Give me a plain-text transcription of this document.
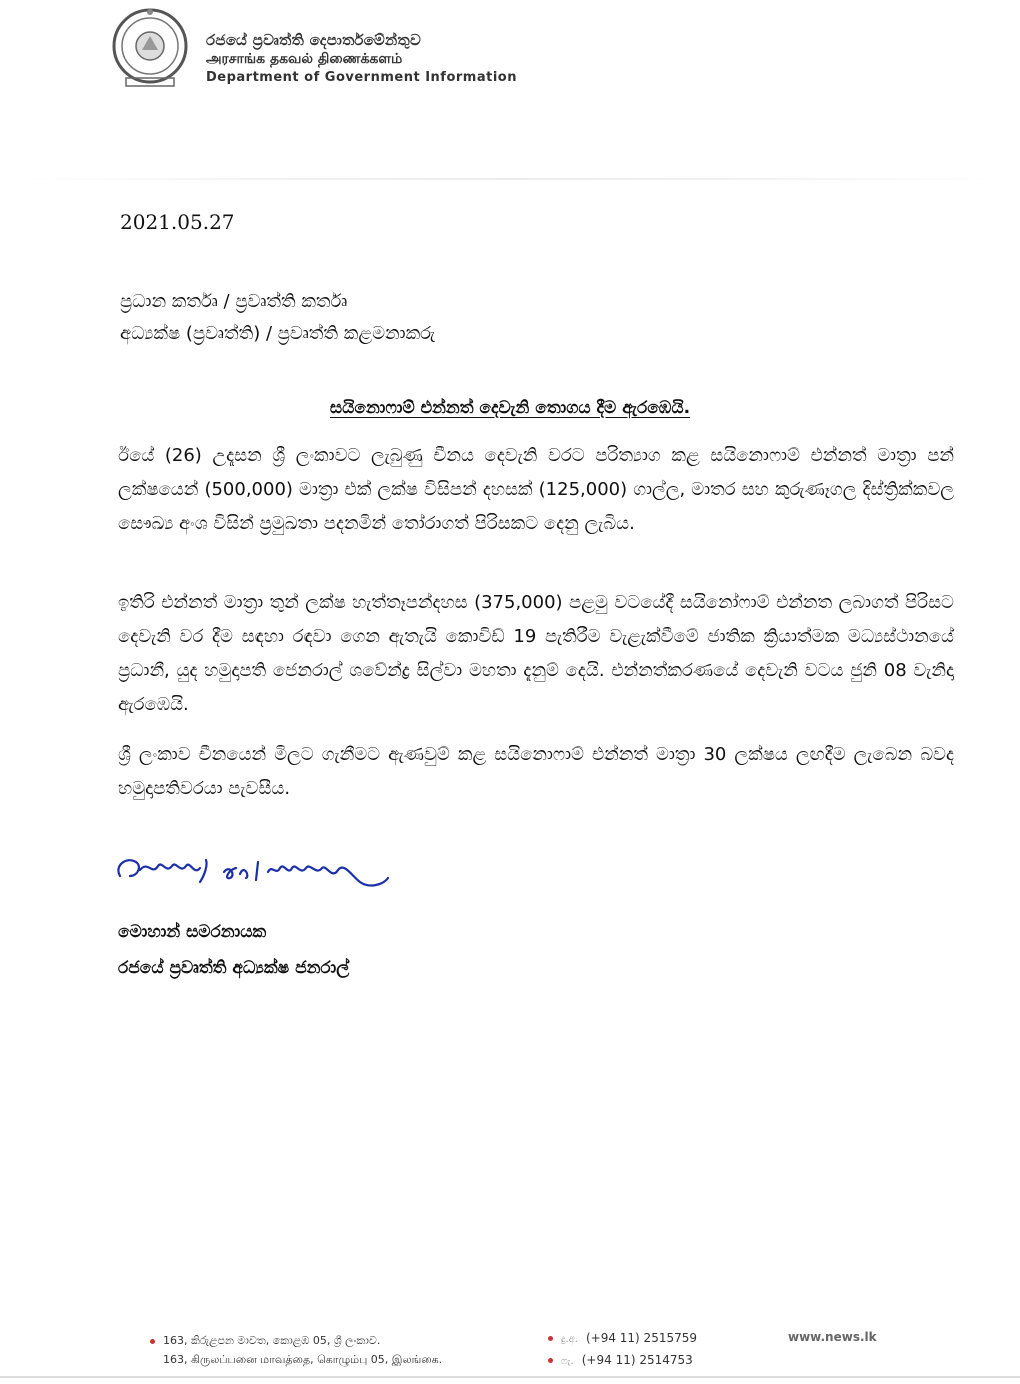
රජයේ ප්‍රවෘත්ති දෙපාර්තමේන්තුව
அரசாங்க தகவல் திணைக்களம்
Department of Government Information
2021.05.27
ප්‍රධාන කර්තෘ / ප්‍රවෘත්ති කර්තෘ
අධ්‍යක්ෂ (ප්‍රවෘත්ති) / ප්‍රවෘත්ති කළමනාකරු
සයිනොෆාම් එන්නත් දෙවැනි තොගය දීම ඇරඹෙයි.
ඊයේ (26) උදෑසන ශ්‍රී ලංකාවට ලැබුණු චීනය දෙවැනි වරට පරිත්‍යාග කළ සයිනොෆාම් එන්නත් මාත්‍රා පන් ලක්ෂයෙන් (500,000) මාත්‍රා එක් ලක්ෂ විසිපන් දහසක් (125,000) ගාල්ල, මාතර සහ කුරුණෑගල දිස්ත්‍රික්කවල සෞඛ්‍ය අංශ විසින් ප්‍රමුඛතා පදනමින් තෝරාගත් පිරිසකට දෙනු ලැබිය.
ඉතිරි එන්නත් මාත්‍රා තුන් ලක්ෂ හැත්තෑපන්දහස (375,000) පළමු වටයේදී සයිනෝෆාම් එන්නත ලබාගත් පිරිසට දෙවැනි වර දීම සඳහා රඳවා ගෙන ඇතැයි කොවිඩ් 19 පැතිරීම වැළැක්වීමේ ජාතික ක්‍රියාත්මක මධ්‍යස්ථානයේ ප්‍රධානී, යුද හමුදාපති ජෙනරාල් ශවේන්ද්‍ර සිල්වා මහතා දැනුම් දෙයි. එන්නත්කරණයේ දෙවැනි වටය ජුනි 08 වැනිදා ඇරඹෙයි.
ශ්‍රී ලංකාව චීනයෙන් මිලට ගැනීමට ඇණවුම් කළ සයිනොෆාම් එන්නත් මාත්‍රා 30 ලක්ෂය ලඟදීම ලැබෙන බවද හමුදාපතිවරයා පැවසීය.
මොහාන් සමරනායක
රජයේ ප්‍රවෘත්ති අධ්‍යක්ෂ ජනරාල්
163, කිරුළපන මාවත, කොළඹ 05, ශ්‍රී ලංකාව.
163, கிருலப்பனை மாவத்தை, கொழும்பு 05, இலங்கை.
දු.අ. (+94 11) 2515759
ෆැ. (+94 11) 2514753
www.news.lk
